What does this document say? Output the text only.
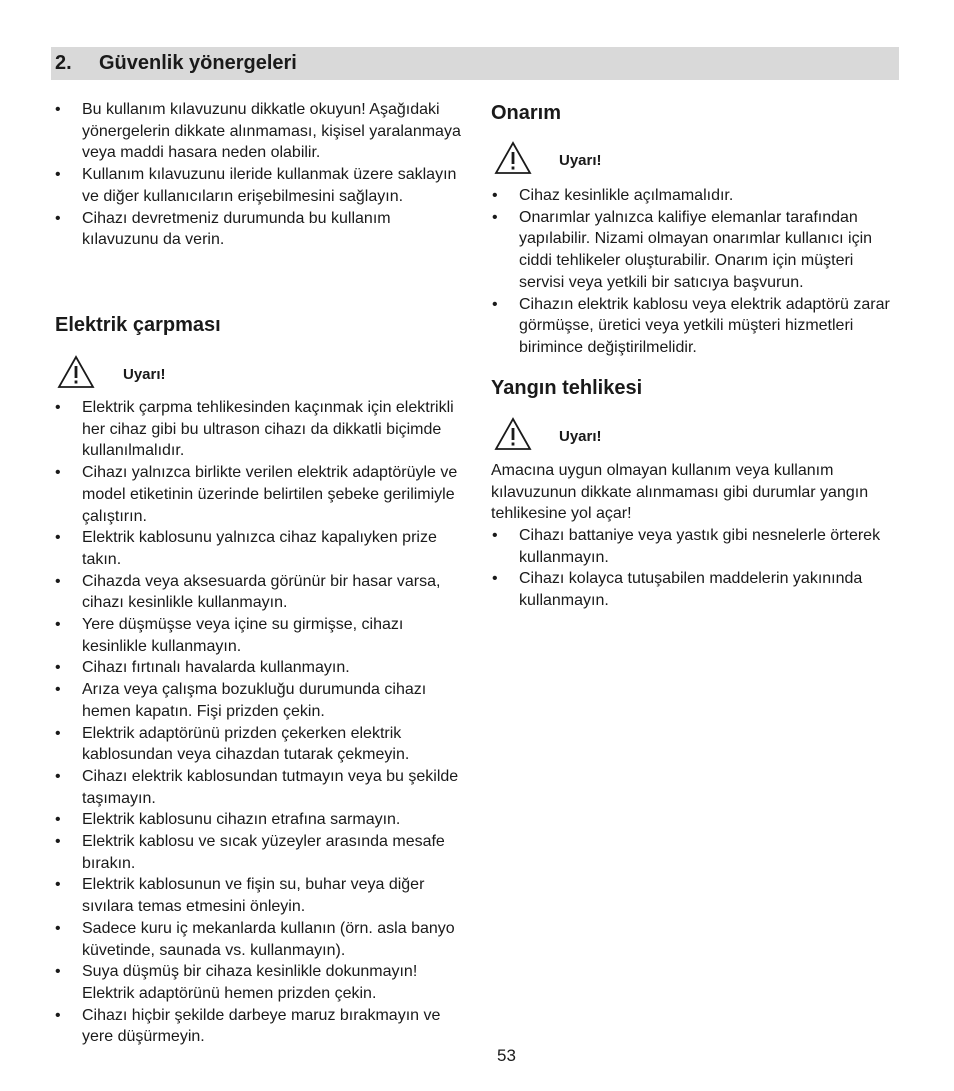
2. Güvenlik yönergeleri
• Bu kullanım kılavuzunu dikkatle okuyun! Aşağıdaki yönergelerin dikkate alınmaması, kişisel yaralanmaya veya maddi hasara neden olabilir.
• Kullanım kılavuzunu ileride kullanmak üzere saklayın ve diğer kullanıcıların erişebilmesini sağlayın.
• Cihazı devretmeniz durumunda bu kullanım kılavuzunu da verin.
Elektrik çarpması
Uyarı!
• Elektrik çarpma tehlikesinden kaçınmak için elektrikli her cihaz gibi bu ultrason cihazı da dikkatli biçimde kullanılmalıdır.
• Cihazı yalnızca birlikte verilen elektrik adaptörüyle ve model etiketinin üzerinde belirtilen şebeke gerilimiyle çalıştırın.
• Elektrik kablosunu yalnızca cihaz kapalıyken prize takın.
• Cihazda veya aksesuarda görünür bir hasar varsa, cihazı kesinlikle kullanmayın.
• Yere düşmüşse veya içine su girmişse, cihazı kesinlikle kullanmayın.
• Cihazı fırtınalı havalarda kullanmayın.
• Arıza veya çalışma bozukluğu durumunda cihazı hemen kapatın. Fişi prizden çekin.
• Elektrik adaptörünü prizden çekerken elektrik kablosundan veya cihazdan tutarak çekmeyin.
• Cihazı elektrik kablosundan tutmayın veya bu şekilde taşımayın.
• Elektrik kablosunu cihazın etrafına sarmayın.
• Elektrik kablosu ve sıcak yüzeyler arasında mesafe bırakın.
• Elektrik kablosunun ve fişin su, buhar veya diğer sıvılara temas etmesini önleyin.
• Sadece kuru iç mekanlarda kullanın (örn. asla banyo küvetinde, saunada vs. kullanmayın).
• Suya düşmüş bir cihaza kesinlikle dokunmayın! Elektrik adaptörünü hemen prizden çekin.
• Cihazı hiçbir şekilde darbeye maruz bırakmayın ve yere düşürmeyin.
Onarım
Uyarı!
• Cihaz kesinlikle açılmamalıdır.
• Onarımlar yalnızca kalifiye elemanlar tarafından yapılabilir. Nizami olmayan onarımlar kullanıcı için ciddi tehlikeler oluşturabilir. Onarım için müşteri servisi veya yetkili bir satıcıya başvurun.
• Cihazın elektrik kablosu veya elektrik adaptörü zarar görmüşse, üretici veya yetkili müşteri hizmetleri birimince değiştirilmelidir.
Yangın tehlikesi
Uyarı!

Amacına uygun olmayan kullanım veya kullanım kılavuzunun dikkate alınmaması gibi durumlar yangın tehlikesine yol açar!

• Cihazı battaniye veya yastık gibi nesnelerle örterek kullanmayın.
• Cihazı kolayca tutuşabilen maddelerin yakınında kullanmayın.
53
